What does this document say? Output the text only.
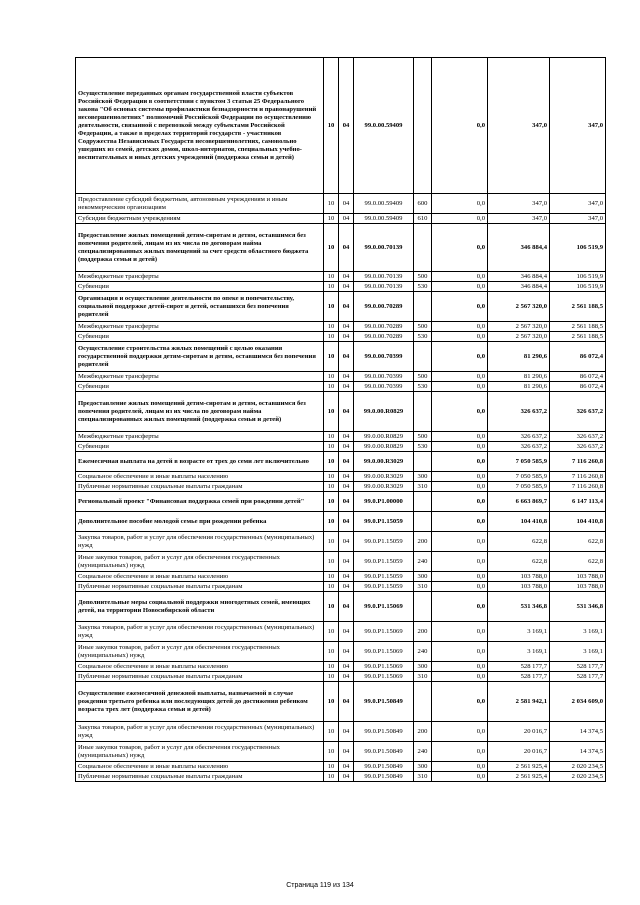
Осуществление переданных органам государственной власти субъектов Российской Федерации в соответствии с пунктом 3 статьи 25 Федерального закона "Об основах системы профилактики безнадзорности и правонарушений несовершеннолетних" полномочий Российской Федерации по осуществлению деятельности, связанной с перевозкой между субъектами Российской Федерации, а также в пределах территорий государств - участников Содружества Независимых Государств несовершеннолетних, самовольно ушедших из семей, детских домов, школ-интернатов, специальных учебно-воспитательных и иных детских учреждений (поддержка семьи и детей)	10	04	99.0.00.59409		0,0	347,0	347,0
Предоставление субсидий бюджетным, автономным учреждениям и иным некоммерческим организациям	10	04	99.0.00.59409	600	0,0	347,0	347,0
Субсидии бюджетным учреждениям	10	04	99.0.00.59409	610	0,0	347,0	347,0
Предоставление жилых помещений детям-сиротам и детям, оставшимся без попечения родителей, лицам из их числа по договорам найма специализированных жилых помещений за счет средств областного бюджета (поддержка семьи и детей)	10	04	99.0.00.70139		0,0	346 884,4	106 519,9
Межбюджетные трансферты	10	04	99.0.00.70139	500	0,0	346 884,4	106 519,9
Субвенции	10	04	99.0.00.70139	530	0,0	346 884,4	106 519,9
Организация и осуществление деятельности по опеке и попечительству, социальной поддержке детей-сирот и детей, оставшихся без попечения родителей	10	04	99.0.00.70289		0,0	2 567 320,0	2 561 188,5
Межбюджетные трансферты	10	04	99.0.00.70289	500	0,0	2 567 320,0	2 561 188,5
Субвенции	10	04	99.0.00.70289	530	0,0	2 567 320,0	2 561 188,5
Осуществление строительства жилых помещений с целью оказания государственной поддержки детям-сиротам и детям, оставшимся без попечения родителей	10	04	99.0.00.70399		0,0	81 290,6	86 072,4
Межбюджетные трансферты	10	04	99.0.00.70399	500	0,0	81 290,6	86 072,4
Субвенции	10	04	99.0.00.70399	530	0,0	81 290,6	86 072,4
Предоставление жилых помещений детям-сиротам и детям, оставшимся без попечения родителей, лицам из их числа по договорам найма специализированных жилых помещений (поддержка семьи и детей)	10	04	99.0.00.R0829		0,0	326 637,2	326 637,2
Межбюджетные трансферты	10	04	99.0.00.R0829	500	0,0	326 637,2	326 637,2
Субвенции	10	04	99.0.00.R0829	530	0,0	326 637,2	326 637,2
Ежемесячная выплата на детей в возрасте от трех до семи лет включительно	10	04	99.0.00.R3029		0,0	7 050 585,9	7 116 260,8
Социальное обеспечение и иные выплаты населению	10	04	99.0.00.R3029	300	0,0	7 050 585,9	7 116 260,8
Публичные нормативные социальные выплаты гражданам	10	04	99.0.00.R3029	310	0,0	7 050 585,9	7 116 260,8
Региональный проект "Финансовая поддержка семей при рождении детей"	10	04	99.0.P1.00000		0,0	6 663 869,7	6 147 113,4
Дополнительное пособие молодой семье при рождении ребенка	10	04	99.0.P1.15059		0,0	104 410,8	104 410,8
Закупка товаров, работ и услуг для обеспечения государственных (муниципальных) нужд	10	04	99.0.P1.15059	200	0,0	622,8	622,8
Иные закупки товаров, работ и услуг для обеспечения государственных (муниципальных) нужд	10	04	99.0.P1.15059	240	0,0	622,8	622,8
Социальное обеспечение и иные выплаты населению	10	04	99.0.P1.15059	300	0,0	103 788,0	103 788,0
Публичные нормативные социальные выплаты гражданам	10	04	99.0.P1.15059	310	0,0	103 788,0	103 788,0
Дополнительные меры социальной поддержки многодетных семей, имеющих детей, на территории Новосибирской области	10	04	99.0.P1.15069		0,0	531 346,8	531 346,8
Закупка товаров, работ и услуг для обеспечения государственных (муниципальных) нужд	10	04	99.0.P1.15069	200	0,0	3 169,1	3 169,1
Иные закупки товаров, работ и услуг для обеспечения государственных (муниципальных) нужд	10	04	99.0.P1.15069	240	0,0	3 169,1	3 169,1
Социальное обеспечение и иные выплаты населению	10	04	99.0.P1.15069	300	0,0	528 177,7	528 177,7
Публичные нормативные социальные выплаты гражданам	10	04	99.0.P1.15069	310	0,0	528 177,7	528 177,7
Осуществление ежемесячной денежной выплаты, назначаемой в случае рождения третьего ребенка или последующих детей до достижения ребенком возраста трех лет (поддержка семьи и детей)	10	04	99.0.P1.50849		0,0	2 581 942,1	2 034 609,0
Закупка товаров, работ и услуг для обеспечения государственных (муниципальных) нужд	10	04	99.0.P1.50849	200	0,0	20 016,7	14 374,5
Иные закупки товаров, работ и услуг для обеспечения государственных (муниципальных) нужд	10	04	99.0.P1.50849	240	0,0	20 016,7	14 374,5
Социальное обеспечение и иные выплаты населению	10	04	99.0.P1.50849	300	0,0	2 561 925,4	2 020 234,5
Публичные нормативные социальные выплаты гражданам	10	04	99.0.P1.50849	310	0,0	2 561 925,4	2 020 234,5
Страница 119 из 134
